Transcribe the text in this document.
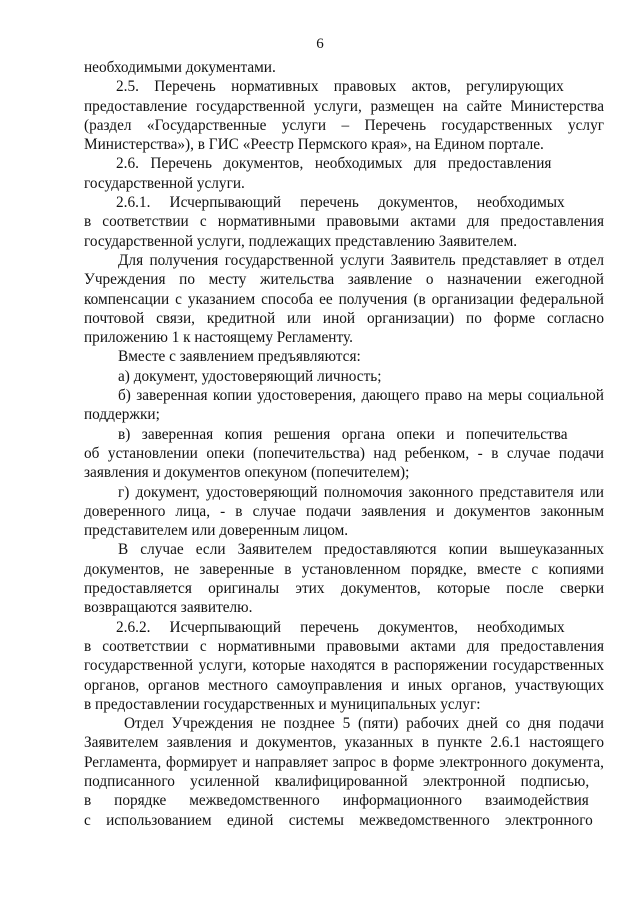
6
необходимыми документами.
2.5.    Перечень    нормативных    правовых    актов,    регулирующих
предоставление государственной услуги, размещен на сайте Министерства
(раздел «Государственные услуги – Перечень государственных услуг
Министерства»), в ГИС «Реестр Пермского края», на Едином портале.
2.6.   Перечень   документов,   необходимых   для   предоставления
государственной услуги.
2.6.1.     Исчерпывающий     перечень     документов,     необходимых
в соответствии с нормативными правовыми актами для предоставления
государственной услуги, подлежащих представлению Заявителем.
Для получения государственной услуги Заявитель представляет в отдел
Учреждения по месту жительства заявление о назначении ежегодной
компенсации с указанием способа ее получения (в организации федеральной
почтовой связи, кредитной или иной организации) по форме согласно
приложению 1 к настоящему Регламенту.
Вместе с заявлением предъявляются:
а) документ, удостоверяющий личность;
б) заверенная копии удостоверения, дающего право на меры социальной
поддержки;
в)   заверенная   копия   решения   органа   опеки   и   попечительства
об установлении опеки (попечительства) над ребенком, - в случае подачи
заявления и документов опекуном (попечителем);
г) документ, удостоверяющий полномочия законного представителя или
доверенного лица, - в случае подачи заявления и документов законным
представителем или доверенным лицом.
В случае если Заявителем предоставляются копии вышеуказанных
документов, не заверенные в установленном порядке, вместе с копиями
предоставляется оригиналы этих документов, которые после сверки
возвращаются заявителю.
2.6.2.     Исчерпывающий     перечень     документов,     необходимых
в соответствии с нормативными правовыми актами для предоставления
государственной услуги, которые находятся в распоряжении государственных
органов, органов местного самоуправления и иных органов, участвующих
в предоставлении государственных и муниципальных услуг:
Отдел Учреждения не позднее 5 (пяти) рабочих дней со дня подачи
Заявителем заявления и документов, указанных в пункте 2.6.1 настоящего
Регламента, формирует и направляет запрос в форме электронного документа,
подписанного    усиленной    квалифицированной    электронной    подписью,
в      порядке      межведомственного      информационного      взаимодействия
с    использованием    единой    системы    межведомственного    электронного
